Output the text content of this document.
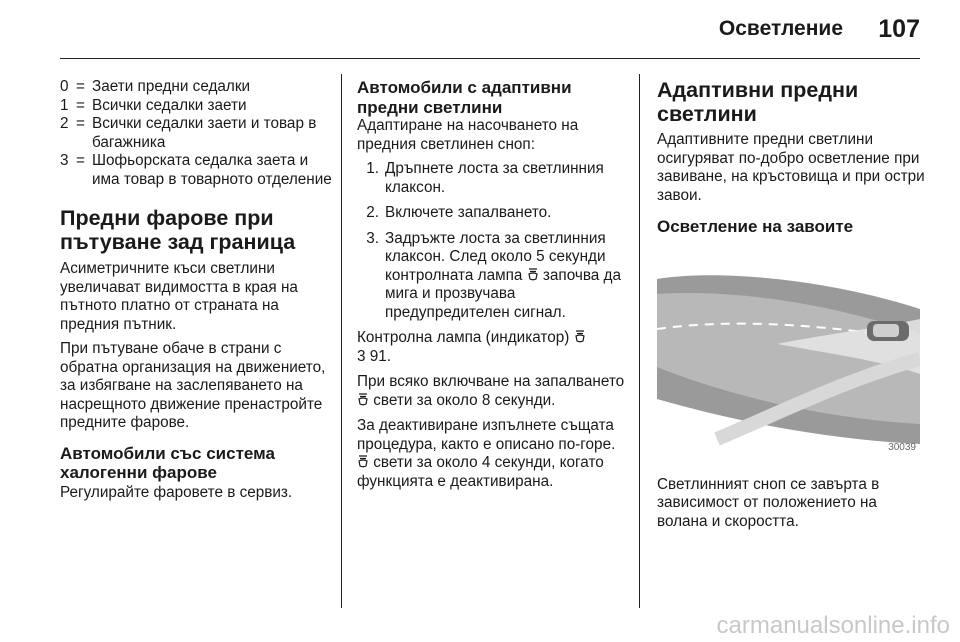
Осветление 107
0 = Заети предни седалки
1 = Всички седалки заети
2 = Всички седалки заети и товар в багажника
3 = Шофьорската седалка заета и има товар в товарното отделение
Предни фарове при пътуване зад граница

Асиметричните къси светлини увеличават видимостта в края на пътното платно от страната на предния пътник.

При пътуване обаче в страни с обратна организация на движението, за избягване на заслепяването на насрещното движение пренастройте предните фарове.

Автомобили със система халогенни фарове

Регулирайте фаровете в сервиз.

Автомобили с адаптивни предни светлини

Адаптиране на насочването на предния светлинен сноп:

1. Дръпнете лоста за светлинния клаксон.
2. Включете запалването.
3. Задръжте лоста за светлинния клаксон. След около 5 секунди контролната лампа започва да мига и прозвучава предупредителен сигнал.

Контролна лампа (индикатор)
3 91.

При всяко включване на запалването  свети за около 8 секунди.

За деактивиране изпълнете същата процедура, както е описано по-горе.  свети за около 4 секунди, когато функцията е деактивирана.

Адаптивни предни светлини

Адаптивните предни светлини осигуряват по-добро осветление при завиване, на кръстовища и при остри завои.

Осветление на завоите
30039

Светлинният сноп се завърта в зависимост от положението на волана и скоростта.

carmanualsonline.info
